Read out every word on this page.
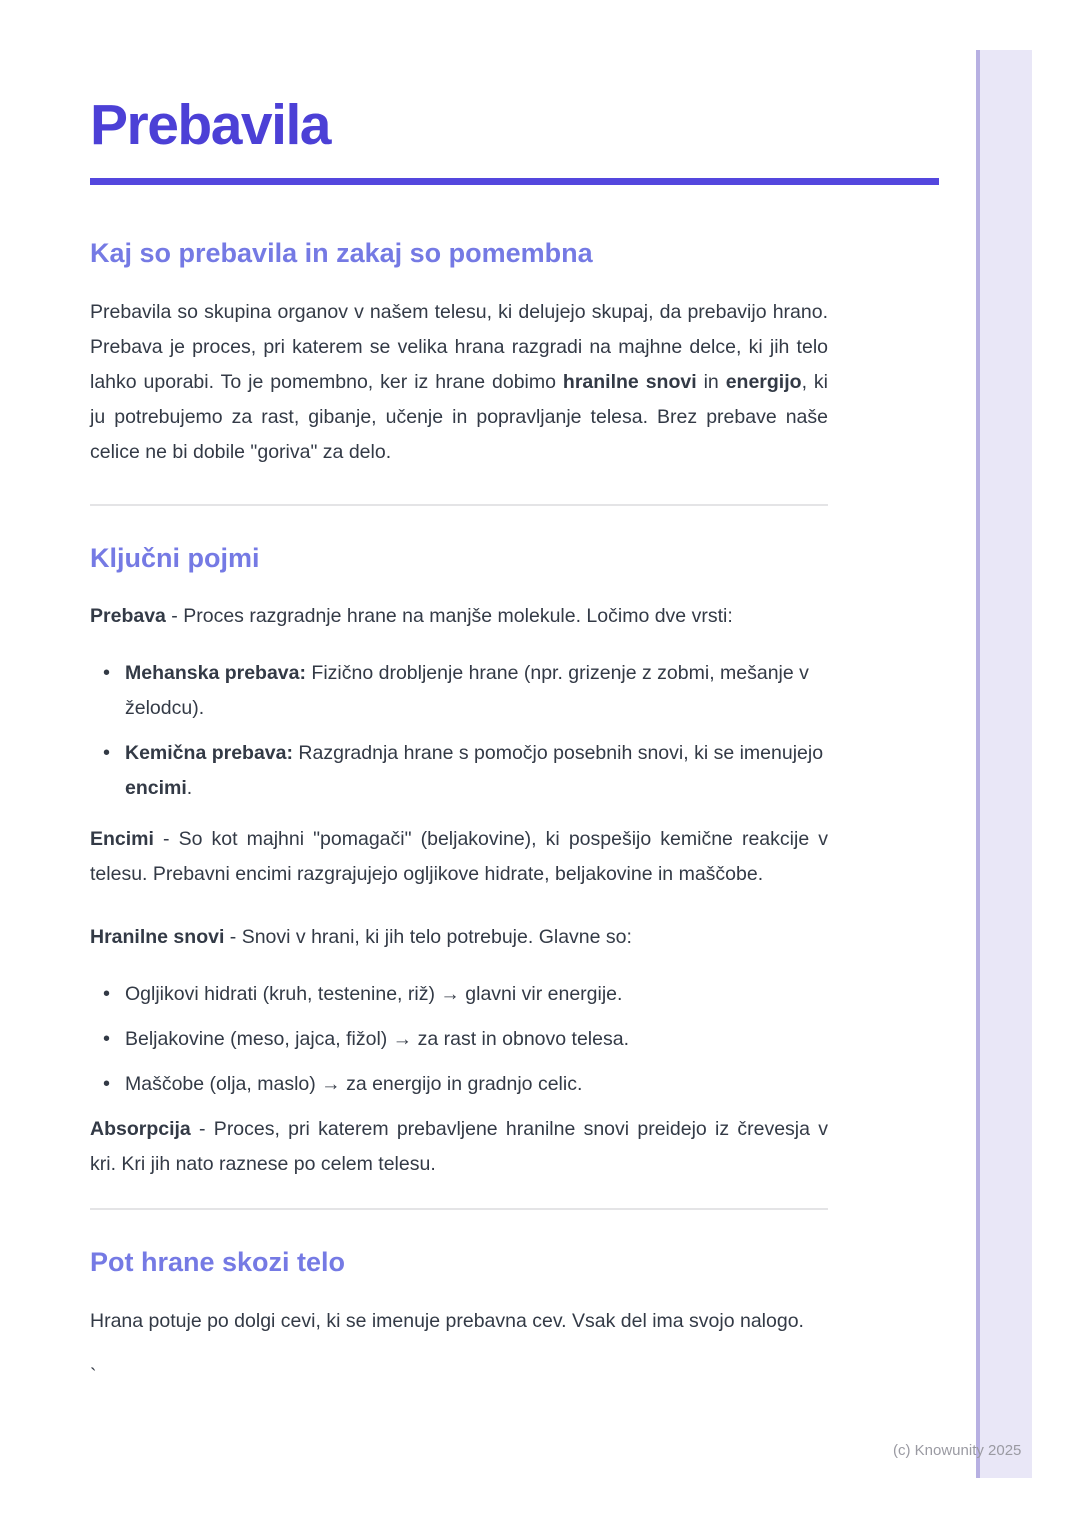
Prebavila
Kaj so prebavila in zakaj so pomembna

Prebavila so skupina organov v našem telesu, ki delujejo skupaj, da prebavijo hrano. Prebava je proces, pri katerem se velika hrana razgradi na majhne delce, ki jih telo lahko uporabi. To je pomembno, ker iz hrane dobimo hranilne snovi in energijo, ki ju potrebujemo za rast, gibanje, učenje in popravljanje telesa. Brez prebave naše celice ne bi dobile "goriva" za delo.

Ključni pojmi

Prebava - Proces razgradnje hrane na manjše molekule. Ločimo dve vrsti:

• Mehanska prebava: Fizično drobljenje hrane (npr. grizenje z zobmi, mešanje v želodcu).
• Kemična prebava: Razgradnja hrane s pomočjo posebnih snovi, ki se imenujejo encimi.

Encimi - So kot majhni "pomagači" (beljakovine), ki pospešijo kemične reakcije v telesu. Prebavni encimi razgrajujejo ogljikove hidrate, beljakovine in maščobe.

Hranilne snovi - Snovi v hrani, ki jih telo potrebuje. Glavne so:

• Ogljikovi hidrati (kruh, testenine, riž) → glavni vir energije.
• Beljakovine (meso, jajca, fižol) → za rast in obnovo telesa.
• Maščobe (olja, maslo) → za energijo in gradnjo celic.

Absorpcija - Proces, pri katerem prebavljene hranilne snovi preidejo iz črevesja v kri. Kri jih nato raznese po celem telesu.

Pot hrane skozi telo

Hrana potuje po dolgi cevi, ki se imenuje prebavna cev. Vsak del ima svojo nalogo.

`
(c) Knowunity 2025
